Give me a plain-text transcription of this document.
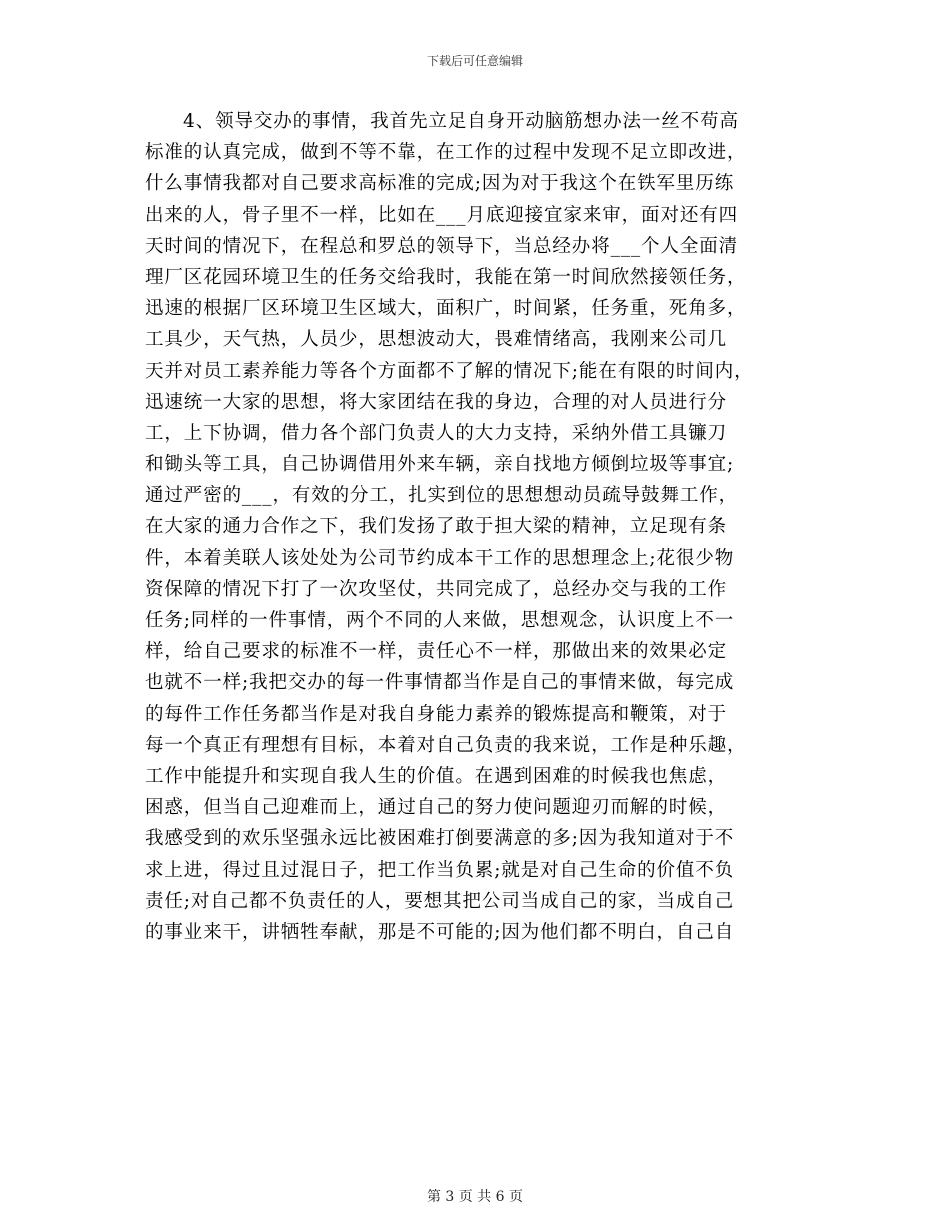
下载后可任意编辑
4、领导交办的事情，我首先立足自身开动脑筋想办法一丝不苟高
标准的认真完成，做到不等不靠，在工作的过程中发现不足立即改进，
什么事情我都对自己要求高标准的完成;因为对于我这个在铁军里历练
出来的人，骨子里不一样，比如在___月底迎接宜家来审，面对还有四
天时间的情况下，在程总和罗总的领导下，当总经办将___个人全面清
理厂区花园环境卫生的任务交给我时，我能在第一时间欣然接领任务，
迅速的根据厂区环境卫生区域大，面积广，时间紧，任务重，死角多，
工具少，天气热，人员少，思想波动大，畏难情绪高，我刚来公司几
天并对员工素养能力等各个方面都不了解的情况下;能在有限的时间内，
迅速统一大家的思想，将大家团结在我的身边，合理的对人员进行分
工，上下协调，借力各个部门负责人的大力支持，采纳外借工具镰刀
和锄头等工具，自己协调借用外来车辆，亲自找地方倾倒垃圾等事宜;
通过严密的___，有效的分工，扎实到位的思想想动员疏导鼓舞工作，
在大家的通力合作之下，我们发扬了敢于担大梁的精神，立足现有条
件，本着美联人该处处为公司节约成本干工作的思想理念上;花很少物
资保障的情况下打了一次攻坚仗，共同完成了，总经办交与我的工作
任务;同样的一件事情，两个不同的人来做，思想观念，认识度上不一
样，给自己要求的标准不一样，责任心不一样，那做出来的效果必定
也就不一样;我把交办的每一件事情都当作是自己的事情来做，每完成
的每件工作任务都当作是对我自身能力素养的锻炼提高和鞭策，对于
每一个真正有理想有目标，本着对自己负责的我来说，工作是种乐趣，
工作中能提升和实现自我人生的价值。在遇到困难的时候我也焦虑，
困惑，但当自己迎难而上，通过自己的努力使问题迎刃而解的时候，
我感受到的欢乐坚强永远比被困难打倒要满意的多;因为我知道对于不
求上进，得过且过混日子，把工作当负累;就是对自己生命的价值不负
责任;对自己都不负责任的人，要想其把公司当成自己的家，当成自己
的事业来干，讲牺牲奉献，那是不可能的;因为他们都不明白，自己自
第 3 页 共 6 页
